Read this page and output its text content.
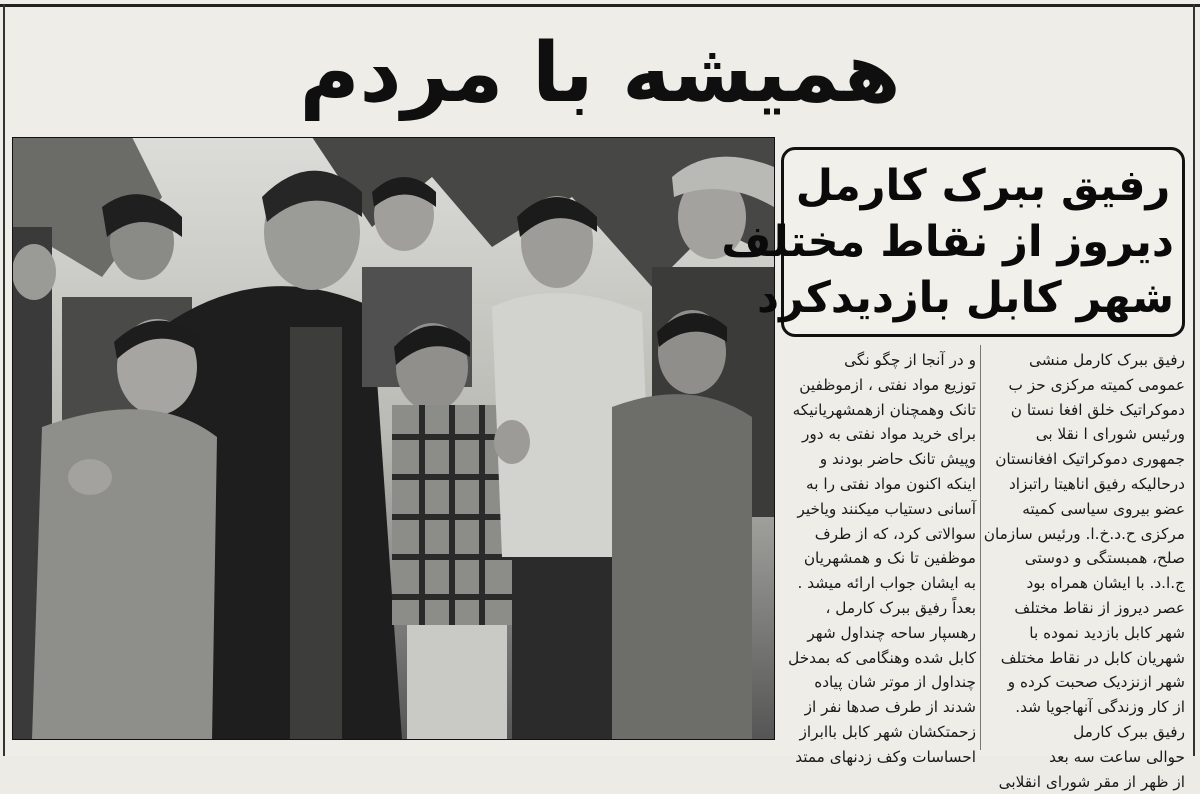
همیشه با مردم
رفیق ببرک کارمل
دیروز از نقاط مختلف
شهر کابل بازدیدکرد
رفیق ببرک کارمل منشی
عمومی کمیته مرکزی حز ب
دموکراتیک خلق افغا نستا ن
ورئیس شورای ا نقلا بی
جمهوری دموکراتیک افغانستان
درحالیکه رفیق اناهیتا راتبزاد
عضو بیروی سیاسی کمیته
مرکزی ح.د.خ.ا. ورئیس سازمان
صلح، همبستگی و دوستی
ج.ا.د. با ایشان همراه بود
عصر دیروز از نقاط مختلف
شهر کابل بازدید نموده با
شهریان کابل در نقاط مختلف
شهر ازنزدیک صحبت کرده و
از کار وزندگی آنهاجویا شد.
رفیق ببرک کارمل
حوالی ساعت سه بعد
از ظهر از مقر شورای انقلابی
و در آنجا از چگو نگی
توزیع مواد نفتی ، ازموظفین
تانک وهمچنان ازهمشهریانیکه
برای خرید مواد نفتی به دور
وپیش تانک حاضر بودند و
اینکه اکنون مواد نفتی را به
آسانی دستیاب میکنند ویاخیر
سوالاتی کرد، که از طرف
موظفین تا نک و همشهریان
به ایشان جواب ارائه میشد .
بعداً رفیق ببرک کارمل ،
رهسپار ساحه چنداول شهر
کابل شده وهنگامی که بمدخل
چنداول از موتر شان پیاده
شدند از طرف صدها نفر از
زحمتکشان شهر کابل باابراز
احساسات وکف زدنهای ممتد
